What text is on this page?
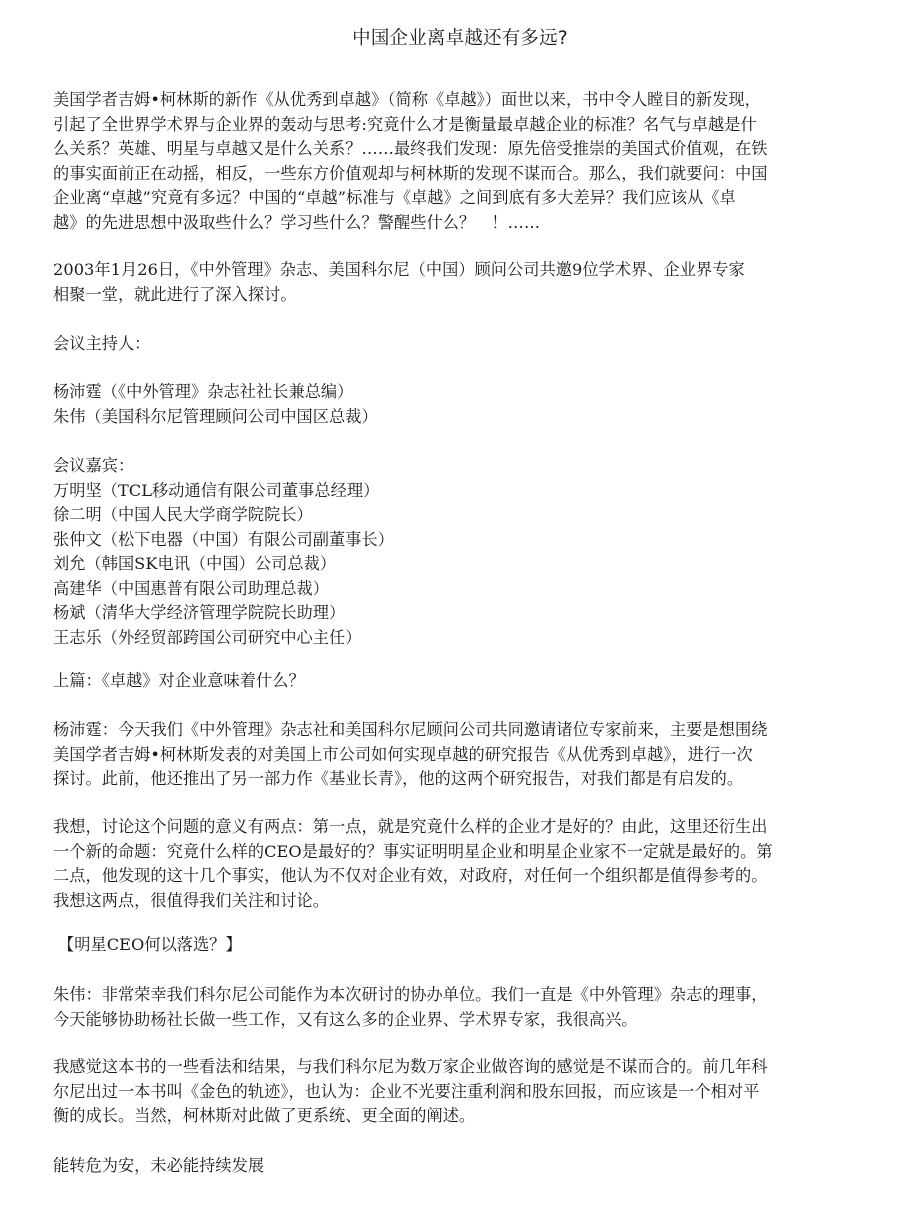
中国企业离卓越还有多远?
美国学者吉姆•柯林斯的新作《从优秀到卓越》（简称《卓越》）面世以来，书中令人瞠目的新发现，
引起了全世界学术界与企业界的轰动与思考:究竟什么才是衡量最卓越企业的标准？名气与卓越是什
么关系？英雄、明星与卓越又是什么关系？……最终我们发现：原先倍受推崇的美国式价值观，在铁
的事实面前正在动摇，相反，一些东方价值观却与柯林斯的发现不谋而合。那么，我们就要问：中国
企业离“卓越”究竟有多远？中国的“卓越”标准与《卓越》之间到底有多大差异？我们应该从《卓
越》的先进思想中汲取些什么？学习些什么？警醒些什么？　！……
2003年1月26日，《中外管理》杂志、美国科尔尼（中国）顾问公司共邀9位学术界、企业界专家
相聚一堂，就此进行了深入探讨。
会议主持人：
杨沛霆（《中外管理》杂志社社长兼总编）
朱伟（美国科尔尼管理顾问公司中国区总裁）
会议嘉宾：
万明坚（TCL移动通信有限公司董事总经理）
徐二明（中国人民大学商学院院长）
张仲文（松下电器（中国）有限公司副董事长）
刘允（韩国SK电讯（中国）公司总裁）
高建华（中国惠普有限公司助理总裁）
杨斌（清华大学经济管理学院院长助理）
王志乐（外经贸部跨国公司研究中心主任）
上篇：《卓越》对企业意味着什么？
杨沛霆：今天我们《中外管理》杂志社和美国科尔尼顾问公司共同邀请诸位专家前来，主要是想围绕
美国学者吉姆•柯林斯发表的对美国上市公司如何实现卓越的研究报告《从优秀到卓越》，进行一次
探讨。此前，他还推出了另一部力作《基业长青》，他的这两个研究报告，对我们都是有启发的。
我想，讨论这个问题的意义有两点：第一点，就是究竟什么样的企业才是好的？由此，这里还衍生出
一个新的命题：究竟什么样的CEO是最好的？事实证明明星企业和明星企业家不一定就是最好的。第
二点，他发现的这十几个事实，他认为不仅对企业有效，对政府，对任何一个组织都是值得参考的。
我想这两点，很值得我们关注和讨论。
【明星CEO何以落选？】
朱伟：非常荣幸我们科尔尼公司能作为本次研讨的协办单位。我们一直是《中外管理》杂志的理事，
今天能够协助杨社长做一些工作，又有这么多的企业界、学术界专家，我很高兴。
我感觉这本书的一些看法和结果，与我们科尔尼为数万家企业做咨询的感觉是不谋而合的。前几年科
尔尼出过一本书叫《金色的轨迹》，也认为：企业不光要注重利润和股东回报，而应该是一个相对平
衡的成长。当然，柯林斯对此做了更系统、更全面的阐述。
能转危为安，未必能持续发展
